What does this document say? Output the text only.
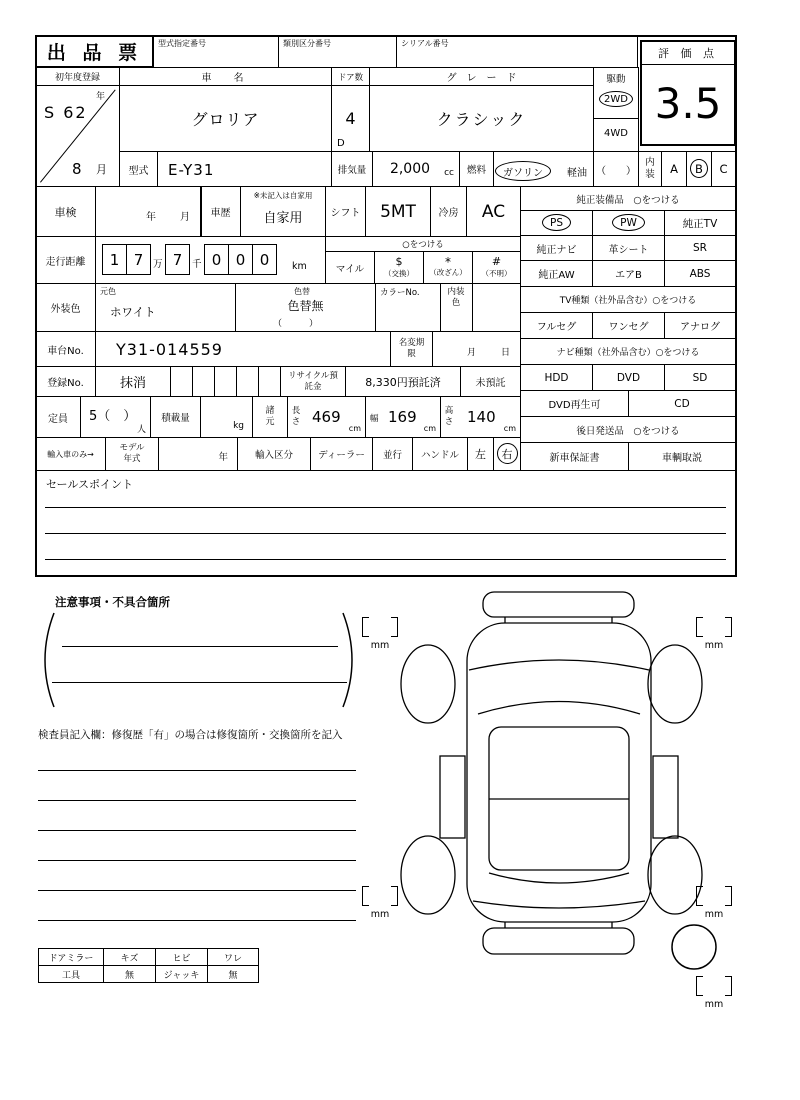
出 品 票 型式指定番号	類別区分番号	シリアル番号
評 価 点
3.5
初年度登録
年
S 62
8 月
車　名
グロリア
ドア数
4
D
グ　レ　ー　ド
クラシック
駆動
2WD
4WD
型式	E-Y31	排気量	2,000	cc	燃料	ガソリン 軽油 （　　）
内装 A B C
車検	年 月	車歴
※未記入は自家用
自家用	シフト	5MT	冷房	AC
走行距離	1 7	万 7	千 0 0 0	km
○をつける
マイル
$
（交換）
*
（改ざん）
#
（不明）
外装色
元色
ホワイト
色替
色替無
（　　　）
カラーNo.	内装色
車台No.	Y31-014559	名変期限	月	日
登録No.	抹消
リサイクル預託金	8,330円預託済	未預託
定員	5（　）
人
積載量
kg
諸元
長さ 469
cm
幅 169
cm
高さ 140
cm
輸入車のみ→
モデル年式	年	輸入区分	ディーラー 並行	ハンドル	左 右
純正装備品　○をつける
PS	PW	純正TV
純正ナビ	革シート	SR
純正AW	エアB	ABS
TV種類（社外品含む）○をつける
フルセグ	ワンセグ	アナログ
ナビ種類（社外品含む）○をつける
HDD	DVD	SD
DVD再生可	CD
後日発送品　○をつける
新車保証書	車輌取説
セールスポイント
注意事項・不具合箇所
検査員記入欄：修復歴「有」の場合は修復箇所・交換箇所を記入
mm	mm
mm	mm
mm
ドアミラー	キズ	ヒビ	ワレ
工具	無	ジャッキ	無
